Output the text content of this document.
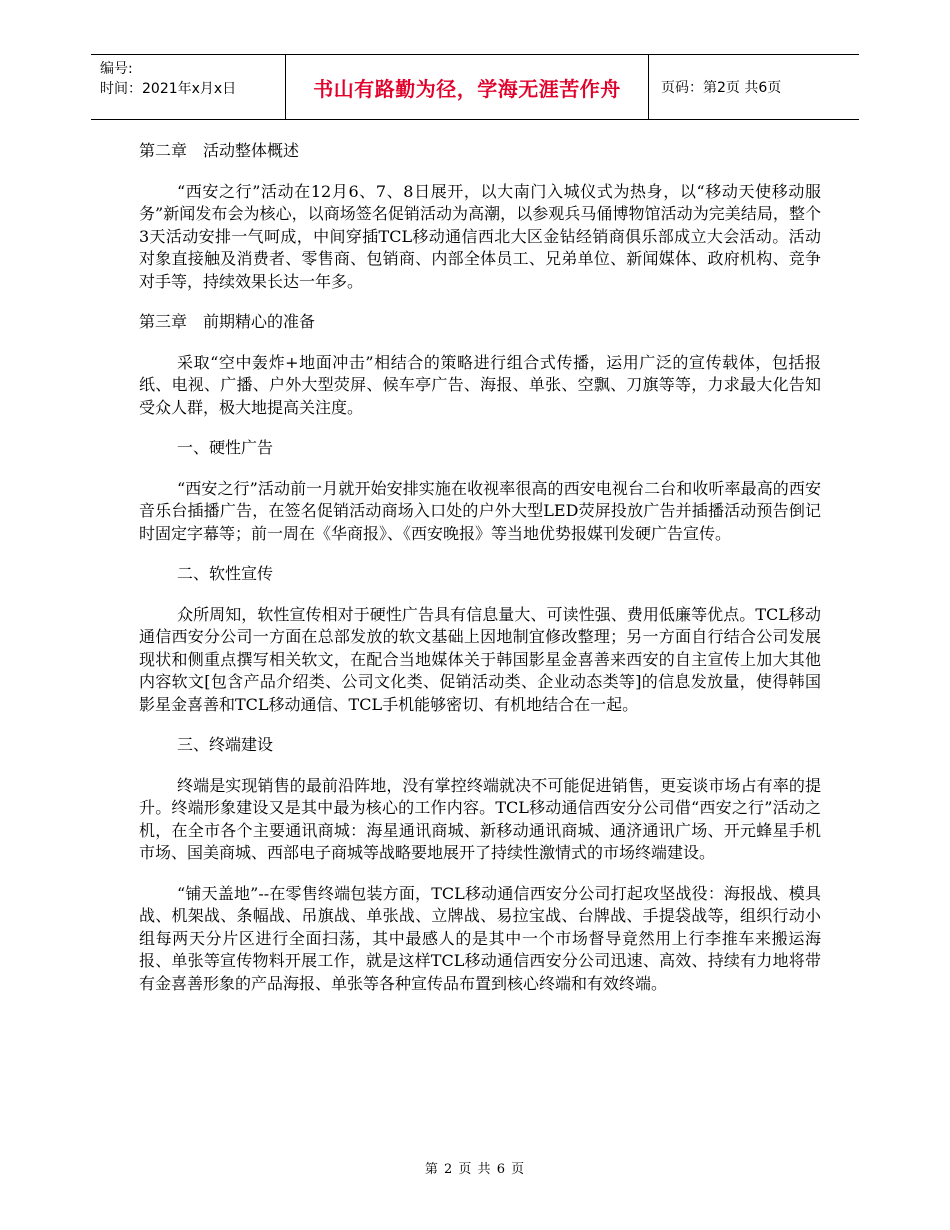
编号:
时间：2021年x月x日	书山有路勤为径，学海无涯苦作舟	页码：第2页 共6页
第二章　活动整体概述
“西安之行”活动在12月6、7、8日展开，以大南门入城仪式为热身，以“移动天使移动服务”新闻发布会为核心，以商场签名促销活动为高潮，以参观兵马俑博物馆活动为完美结局，整个3天活动安排一气呵成，中间穿插TCL移动通信西北大区金钻经销商俱乐部成立大会活动。活动对象直接触及消费者、零售商、包销商、内部全体员工、兄弟单位、新闻媒体、政府机构、竞争对手等，持续效果长达一年多。
第三章　前期精心的准备
采取“空中轰炸+地面冲击”相结合的策略进行组合式传播，运用广泛的宣传载体，包括报纸、电视、广播、户外大型荧屏、候车亭广告、海报、单张、空飘、刀旗等等，力求最大化告知受众人群，极大地提高关注度。
一、硬性广告
“西安之行”活动前一月就开始安排实施在收视率很高的西安电视台二台和收听率最高的西安音乐台插播广告，在签名促销活动商场入口处的户外大型LED荧屏投放广告并插播活动预告倒记时固定字幕等；前一周在《华商报》、《西安晚报》等当地优势报媒刊发硬广告宣传。
二、软性宣传
众所周知，软性宣传相对于硬性广告具有信息量大、可读性强、费用低廉等优点。TCL移动通信西安分公司一方面在总部发放的软文基础上因地制宜修改整理；另一方面自行结合公司发展现状和侧重点撰写相关软文，在配合当地媒体关于韩国影星金喜善来西安的自主宣传上加大其他内容软文[包含产品介绍类、公司文化类、促销活动类、企业动态类等]的信息发放量，使得韩国影星金喜善和TCL移动通信、TCL手机能够密切、有机地结合在一起。
三、终端建设
终端是实现销售的最前沿阵地，没有掌控终端就决不可能促进销售，更妄谈市场占有率的提升。终端形象建设又是其中最为核心的工作内容。TCL移动通信西安分公司借“西安之行”活动之机，在全市各个主要通讯商城：海星通讯商城、新移动通讯商城、通济通讯广场、开元蜂星手机市场、国美商城、西部电子商城等战略要地展开了持续性激情式的市场终端建设。
“铺天盖地”--在零售终端包装方面，TCL移动通信西安分公司打起攻坚战役：海报战、模具战、机架战、条幅战、吊旗战、单张战、立牌战、易拉宝战、台牌战、手提袋战等，组织行动小组每两天分片区进行全面扫荡，其中最感人的是其中一个市场督导竟然用上行李推车来搬运海报、单张等宣传物料开展工作，就是这样TCL移动通信西安分公司迅速、高效、持续有力地将带有金喜善形象的产品海报、单张等各种宣传品布置到核心终端和有效终端。
第 2 页 共 6 页
